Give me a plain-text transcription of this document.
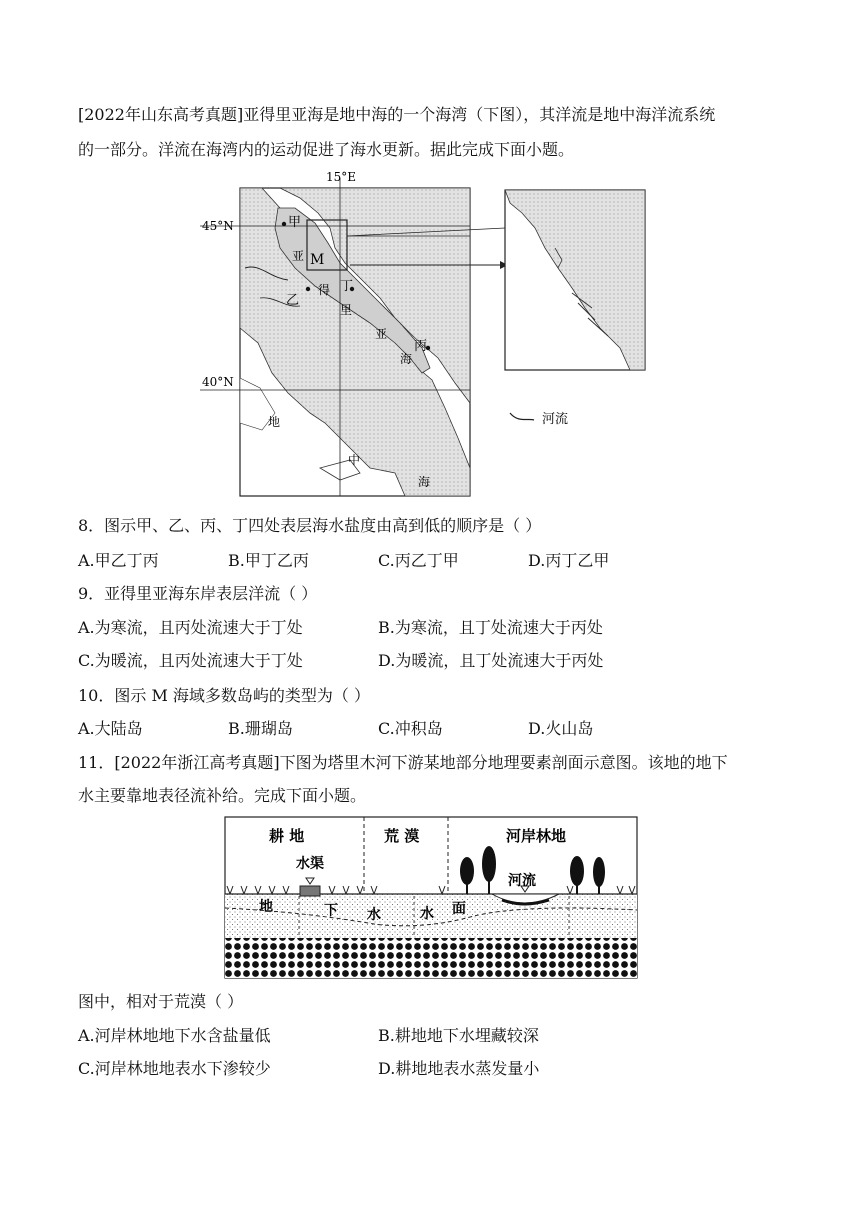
[2022年山东高考真题]亚得里亚海是地中海的一个海湾（下图），其洋流是地中海洋流系统
的一部分。洋流在海湾内的运动促进了海水更新。据此完成下面小题。
河流
15°E
45°N
40°N
甲
M
乙
丁
丙
亚
得
里
亚
海
地
中
海
8．图示甲、乙、丙、丁四处表层海水盐度由高到低的顺序是（ ）
A.甲乙丁丙	B.甲丁乙丙	C.丙乙丁甲	D.丙丁乙甲
9．亚得里亚海东岸表层洋流（ ）
A.为寒流，且丙处流速大于丁处	B.为寒流，且丁处流速大于丙处
C.为暖流，且丙处流速大于丁处	D.为暖流，且丁处流速大于丙处
10．图示 M 海域多数岛屿的类型为（ ）
A.大陆岛	B.珊瑚岛	C.冲积岛	D.火山岛
11．[2022年浙江高考真题]下图为塔里木河下游某地部分地理要素剖面示意图。该地的地下
水主要靠地表径流补给。完成下面小题。
耕 地	荒 漠	河岸林地
水渠
河流
地	下 水	水 面
图中，相对于荒漠（ ）
A.河岸林地地下水含盐量低	B.耕地地下水埋藏较深
C.河岸林地地表水下渗较少	D.耕地地表水蒸发量小
